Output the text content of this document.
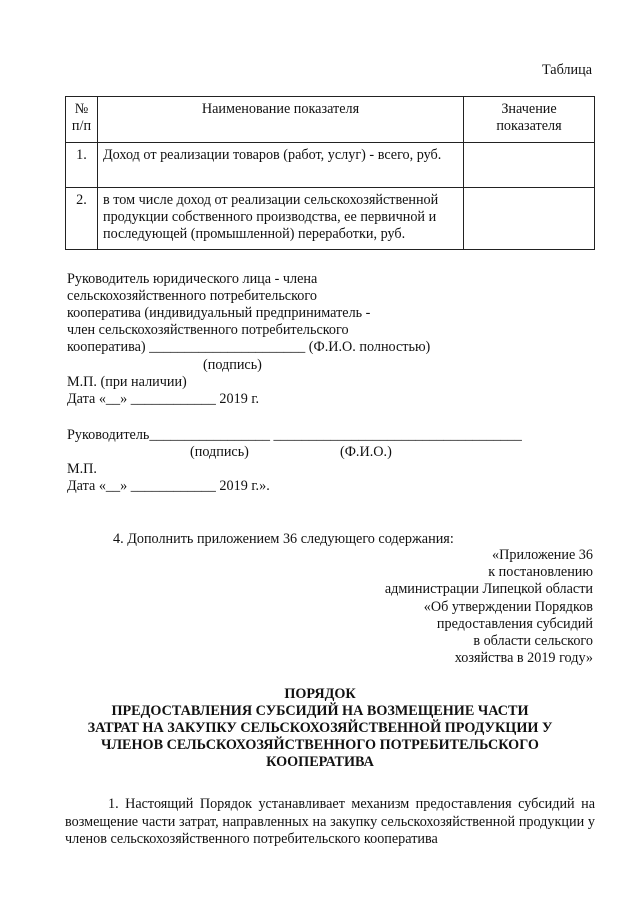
Таблица
№ п/п	Наименование показателя	Значение показателя
1.	Доход от реализации товаров (работ, услуг) - всего, руб.	
2.	в том числе доход от реализации сельскохозяйственной продукции собственного производства, ее первичной и последующей (промышленной) переработки, руб.	
Руководитель юридического лица - члена
сельскохозяйственного потребительского
кооператива (индивидуальный предприниматель -
член сельскохозяйственного потребительского
кооператива) ______________________ (Ф.И.О. полностью)
(подпись)
М.П. (при наличии)
Дата «__» ____________ 2019 г.
Руководитель_________________ ___________________________________
(подпись)	(Ф.И.О.)
М.П.
Дата «__» ____________ 2019 г.».
4. Дополнить приложением 36 следующего содержания:
«Приложение 36
к постановлению
администрации Липецкой области
«Об утверждении Порядков
предоставления субсидий
в области сельского
хозяйства в 2019 году»
ПОРЯДОК
ПРЕДОСТАВЛЕНИЯ СУБСИДИЙ НА ВОЗМЕЩЕНИЕ ЧАСТИ
ЗАТРАТ НА ЗАКУПКУ СЕЛЬСКОХОЗЯЙСТВЕННОЙ ПРОДУКЦИИ У
ЧЛЕНОВ СЕЛЬСКОХОЗЯЙСТВЕННОГО ПОТРЕБИТЕЛЬСКОГО
КООПЕРАТИВА
1. Настоящий Порядок устанавливает механизм предоставления субсидий на возмещение части затрат, направленных на закупку сельскохозяйственной продукции у членов сельскохозяйственного потребительского кооператива
